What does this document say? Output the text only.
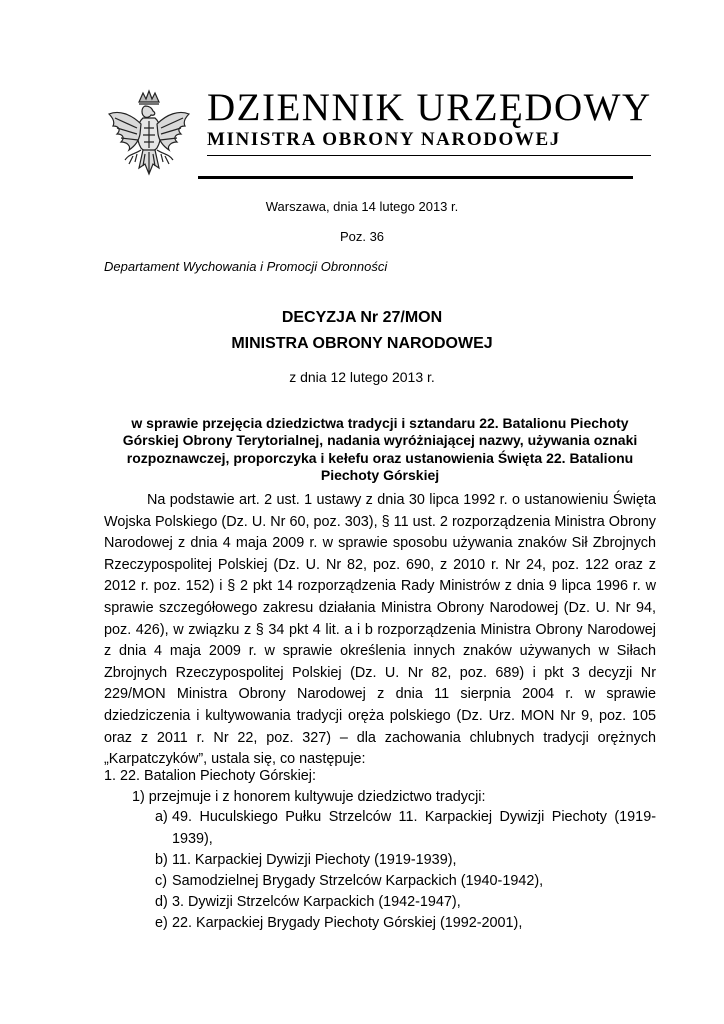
DZIENNIK URZĘDOWY
MINISTRA OBRONY NARODOWEJ
Warszawa, dnia 14 lutego 2013 r.
Poz. 36
Departament Wychowania i Promocji Obronności
DECYZJA Nr 27/MON
MINISTRA OBRONY NARODOWEJ
z dnia 12 lutego 2013 r.
w sprawie przejęcia dziedzictwa tradycji i sztandaru 22. Batalionu Piechoty Górskiej Obrony Terytorialnej, nadania wyróżniającej nazwy, używania oznaki rozpoznawczej, proporczyka i kełefu oraz ustanowienia Święta 22. Batalionu Piechoty Górskiej
Na podstawie art. 2 ust. 1 ustawy z dnia 30 lipca 1992 r. o ustanowieniu Święta Wojska Polskiego (Dz. U. Nr 60, poz. 303), § 11 ust. 2 rozporządzenia Ministra Obrony Narodowej z dnia 4 maja 2009 r. w sprawie sposobu używania znaków Sił Zbrojnych Rzeczypospolitej Polskiej (Dz. U. Nr 82, poz. 690, z 2010 r. Nr 24, poz. 122 oraz z 2012 r. poz. 152) i § 2 pkt 14 rozporządzenia Rady Ministrów z dnia 9 lipca 1996 r. w sprawie szczegółowego zakresu działania Ministra Obrony Narodowej (Dz. U. Nr 94, poz. 426), w związku z § 34 pkt 4 lit. a i b rozporządzenia Ministra Obrony Narodowej z dnia 4 maja 2009 r. w sprawie określenia innych znaków używanych w Siłach Zbrojnych Rzeczypospolitej Polskiej (Dz. U. Nr 82, poz. 689) i pkt 3 decyzji Nr 229/MON Ministra Obrony Narodowej z dnia 11 sierpnia 2004 r. w sprawie dziedziczenia i kultywowania tradycji oręża polskiego (Dz. Urz. MON Nr 9, poz. 105 oraz z 2011 r. Nr 22, poz. 327) – dla zachowania chlubnych tradycji orężnych „Karpatczyków”, ustala się, co następuje:
1. 22. Batalion Piechoty Górskiej:
1) przejmuje i z honorem kultywuje dziedzictwo tradycji:
a) 49. Huculskiego Pułku Strzelców 11. Karpackiej Dywizji Piechoty (1919-1939),
b) 11. Karpackiej Dywizji Piechoty (1919-1939),
c) Samodzielnej Brygady Strzelców Karpackich (1940-1942),
d) 3. Dywizji Strzelców Karpackich (1942-1947),
e) 22. Karpackiej Brygady Piechoty Górskiej (1992-2001),
